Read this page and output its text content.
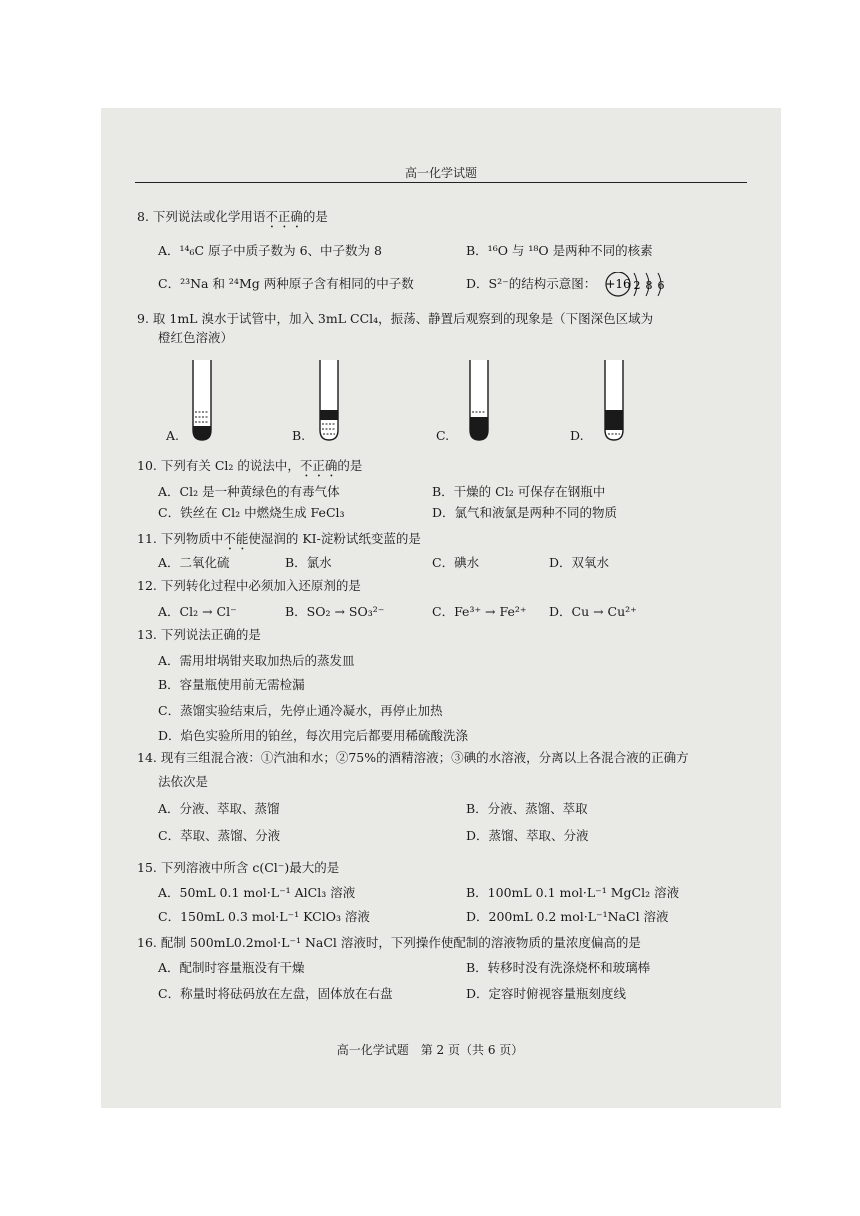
高一化学试题
8. 下列说法或化学用语不正确的是
A．¹⁴₆C 原子中质子数为 6、中子数为 8	B．¹⁶O 与 ¹⁸O 是两种不同的核素
C．²³Na 和 ²⁴Mg 两种原子含有相同的中子数	D．S²⁻的结构示意图： +16 2 8 6
9. 取 1mL 溴水于试管中，加入 3mL CCl₄，振荡、静置后观察到的现象是（下图深色区域为
橙红色溶液）
A.	B.	C.	D.
10. 下列有关 Cl₂ 的说法中，不正确的是
A．Cl₂ 是一种黄绿色的有毒气体	B．干燥的 Cl₂ 可保存在钢瓶中
C．铁丝在 Cl₂ 中燃烧生成 FeCl₃	D．氯气和液氯是两种不同的物质
11. 下列物质中不能使湿润的 KI-淀粉试纸变蓝的是
A．二氧化硫	B．氯水	C．碘水	D．双氧水
12. 下列转化过程中必须加入还原剂的是
A．Cl₂ → Cl⁻	B．SO₂ → SO₃²⁻	C．Fe³⁺ → Fe²⁺ D．Cu → Cu²⁺
13. 下列说法正确的是
A．需用坩埚钳夹取加热后的蒸发皿
B．容量瓶使用前无需检漏
C．蒸馏实验结束后，先停止通冷凝水，再停止加热
D．焰色实验所用的铂丝，每次用完后都要用稀硫酸洗涤
14. 现有三组混合液：①汽油和水；②75%的酒精溶液；③碘的水溶液，分离以上各混合液的正确方
法依次是
A．分液、萃取、蒸馏	B．分液、蒸馏、萃取
C．萃取、蒸馏、分液	D．蒸馏、萃取、分液
15. 下列溶液中所含 c(Cl⁻)最大的是
A．50mL 0.1 mol·L⁻¹ AlCl₃ 溶液	B．100mL 0.1 mol·L⁻¹ MgCl₂ 溶液
C．150mL 0.3 mol·L⁻¹ KClO₃ 溶液	D．200mL 0.2 mol·L⁻¹NaCl 溶液
16. 配制 500mL0.2mol·L⁻¹ NaCl 溶液时，下列操作使配制的溶液物质的量浓度偏高的是
A．配制时容量瓶没有干燥	B．转移时没有洗涤烧杯和玻璃棒
C．称量时将砝码放在左盘，固体放在右盘	D．定容时俯视容量瓶刻度线
高一化学试题　第 2 页（共 6 页）
